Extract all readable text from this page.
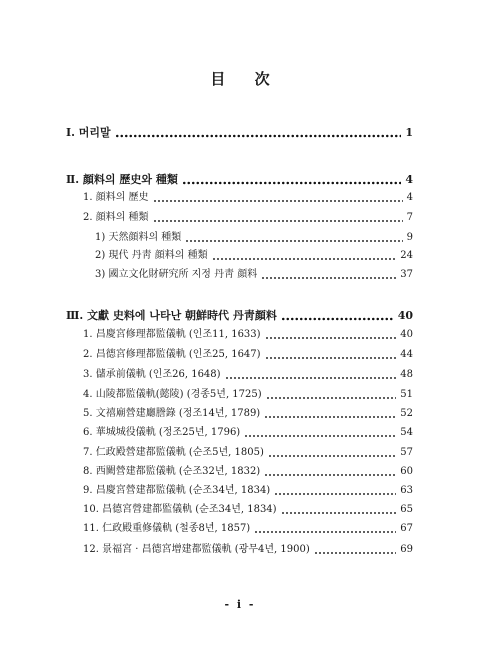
目 次
Ⅰ. 머리말	1
Ⅱ. 顔料의 歷史와 種類	4
1. 顔料의 歷史	4
2. 顔料의 種類	7
1) 天然顔料의 種類	9
2) 現代 丹靑 顔料의 種類	24
3) 國立文化財硏究所 지정 丹靑 顔料	37
Ⅲ. 文獻 史料에 나타난 朝鮮時代 丹靑顔料	40
1. 昌慶宮修理都監儀軌 (인조11, 1633)	40
2. 昌德宮修理都監儀軌 (인조25, 1647)	44
3. 儲承前儀軌 (인조26, 1648)	48
4. 山陵都監儀軌(懿陵) (경종5년, 1725)	51
5. 文禧廟營建廳謄錄 (정조14년, 1789)	52
6. 華城城役儀軌 (정조25년, 1796)	54
7. 仁政殿營建都監儀軌 (순조5년, 1805)	57
8. 西闕營建都監儀軌 (순조32년, 1832)	60
9. 昌慶宮營建都監儀軌 (순조34년, 1834)	63
10. 昌德宮營建都監儀軌 (순조34년, 1834)	65
11. 仁政殿重修儀軌 (철종8년, 1857)	67
12. 景福宮 · 昌德宮增建都監儀軌 (광무4년, 1900)	69
- i -
